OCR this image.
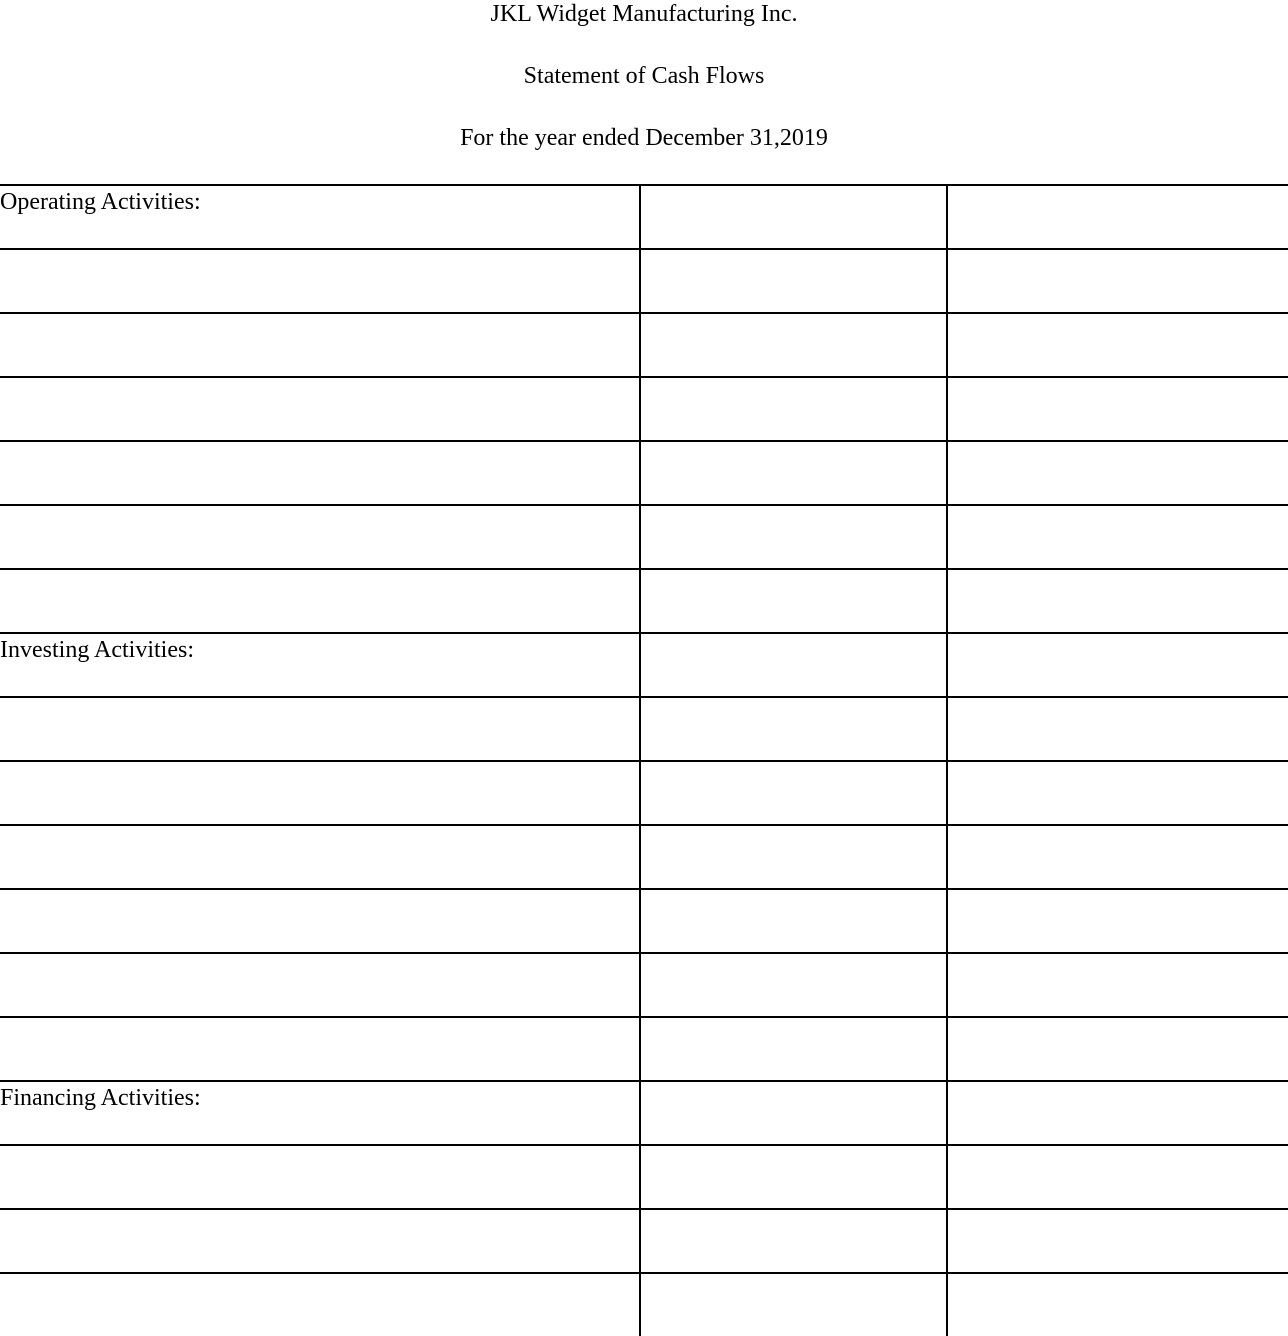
JKL Widget Manufacturing Inc.
Statement of Cash Flows
For the year ended December 31,2019
Operating Activities:		

Investing Activities:		

Financing Activities:		
